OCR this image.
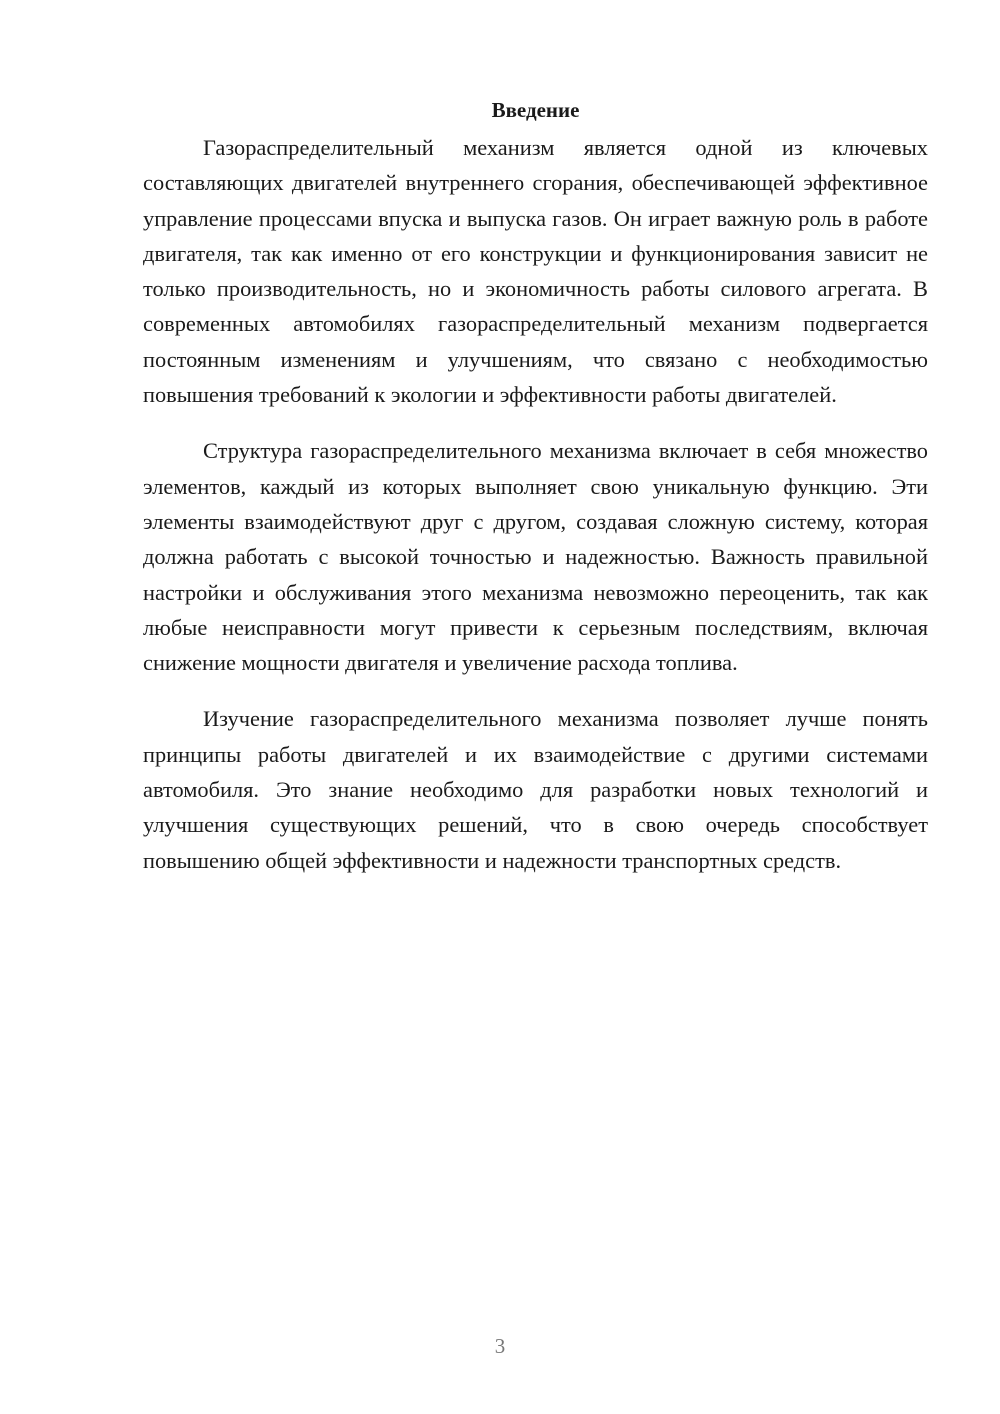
Введение

Газораспределительный механизм является одной из ключевых составляющих двигателей внутреннего сгорания, обеспечивающей эффективное управление процессами впуска и выпуска газов. Он играет важную роль в работе двигателя, так как именно от его конструкции и функционирования зависит не только производительность, но и экономичность работы силового агрегата. В современных автомобилях газораспределительный механизм подвергается постоянным изменениям и улучшениям, что связано с необходимостью повышения требований к экологии и эффективности работы двигателей.

Структура газораспределительного механизма включает в себя множество элементов, каждый из которых выполняет свою уникальную функцию. Эти элементы взаимодействуют друг с другом, создавая сложную систему, которая должна работать с высокой точностью и надежностью. Важность правильной настройки и обслуживания этого механизма невозможно переоценить, так как любые неисправности могут привести к серьезным последствиям, включая снижение мощности двигателя и увеличение расхода топлива.

Изучение газораспределительного механизма позволяет лучше понять принципы работы двигателей и их взаимодействие с другими системами автомобиля. Это знание необходимо для разработки новых технологий и улучшения существующих решений, что в свою очередь способствует повышению общей эффективности и надежности транспортных средств.

3
